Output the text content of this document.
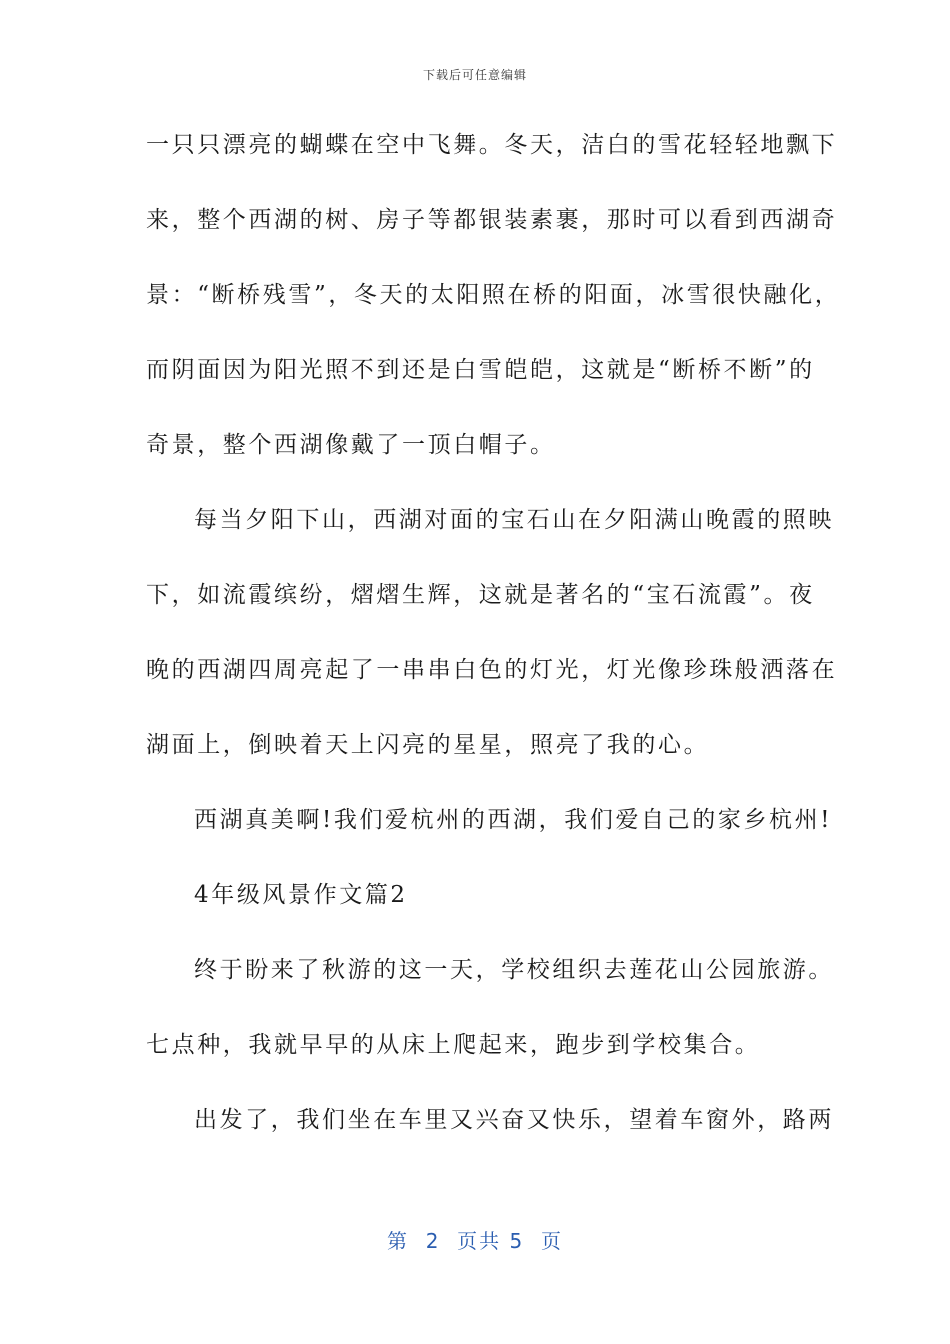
下载后可任意编辑
一只只漂亮的蝴蝶在空中飞舞。冬天，洁白的雪花轻轻地飘下
来，整个西湖的树、房子等都银装素裹，那时可以看到西湖奇
景：“断桥残雪”，冬天的太阳照在桥的阳面，冰雪很快融化，
而阴面因为阳光照不到还是白雪皑皑，这就是“断桥不断”的
奇景，整个西湖像戴了一顶白帽子。
每当夕阳下山，西湖对面的宝石山在夕阳满山晚霞的照映
下，如流霞缤纷，熠熠生辉，这就是著名的“宝石流霞”。夜
晚的西湖四周亮起了一串串白色的灯光，灯光像珍珠般洒落在
湖面上，倒映着天上闪亮的星星，照亮了我的心。
西湖真美啊!我们爱杭州的西湖，我们爱自己的家乡杭州!
4年级风景作文篇2
终于盼来了秋游的这一天，学校组织去莲花山公园旅游。
七点种，我就早早的从床上爬起来，跑步到学校集合。
出发了，我们坐在车里又兴奋又快乐，望着车窗外，路两
第  2  页共 5  页
